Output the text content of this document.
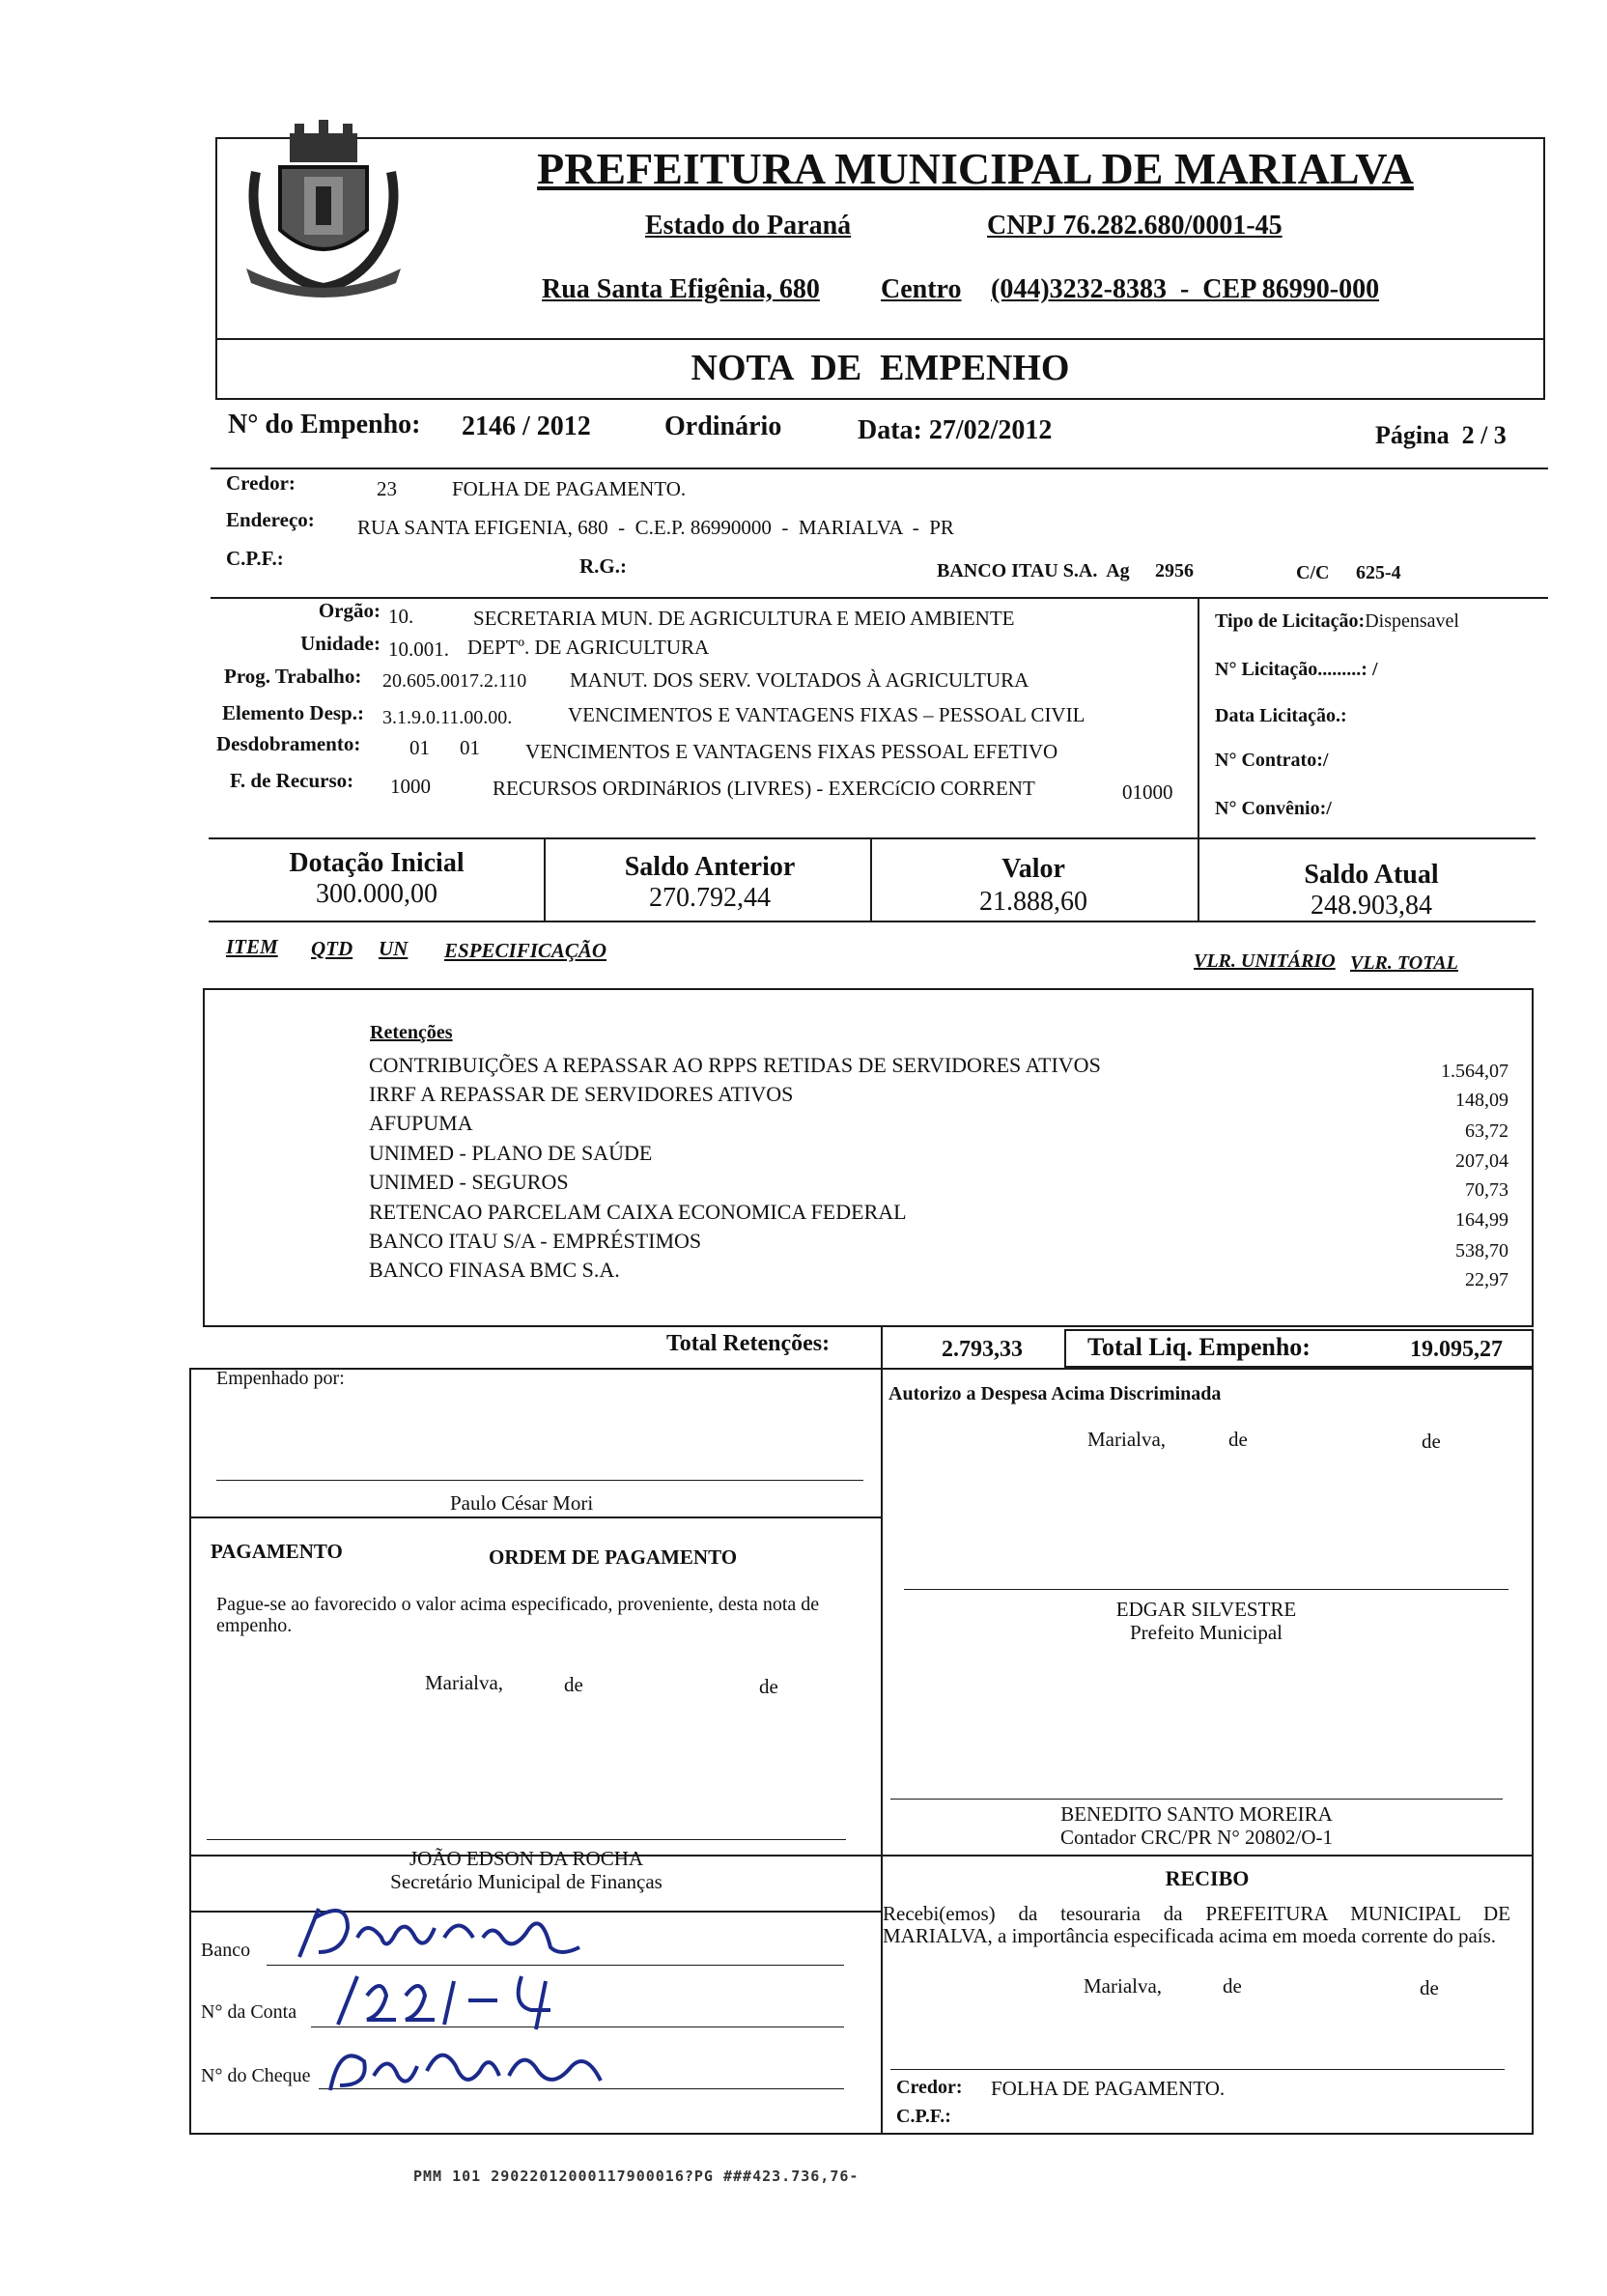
PREFEITURA MUNICIPAL DE MARIALVA
Estado do Paraná	CNPJ 76.282.680/0001-45
Rua Santa Efigênia, 680 Centro (044)3232-8383  -  CEP 86990-000
NOTA  DE  EMPENHO
N° do Empenho: 2146 / 2012	Ordinário	Data: 27/02/2012	Página  2 / 3
Credor:	23	FOLHA DE PAGAMENTO.
Endereço: RUA SANTA EFIGENIA, 680  -  C.E.P. 86990000  -  MARIALVA  -  PR
C.P.F.:	R.G.:	BANCO ITAU S.A.  Ag 2956	C/C 625-4
Orgão: 10.	SECRETARIA MUN. DE AGRICULTURA E MEIO AMBIENTE
Unidade: 10.001. DEPTº. DE AGRICULTURA
Prog. Trabalho: 20.605.0017.2.110 MANUT. DOS SERV. VOLTADOS À AGRICULTURA
Elemento Desp.: 3.1.9.0.11.00.00.	VENCIMENTOS E VANTAGENS FIXAS – PESSOAL CIVIL
Desdobramento: 01 01 VENCIMENTOS E VANTAGENS FIXAS PESSOAL EFETIVO
F. de Recurso: 1000	RECURSOS ORDINáRIOS (LIVRES) - EXERCíCIO CORRENT	01000
Tipo de Licitação:Dispensavel
N° Licitação.........: /
Data Licitação.:
N° Contrato:/
N° Convênio:/
Dotação Inicial
300.000,00
Saldo Anterior
270.792,44
Valor
21.888,60
Saldo Atual
248.903,84
ITEM QTD UN ESPECIFICAÇÃO	VLR. UNITÁRIO VLR. TOTAL
Retenções
CONTRIBUIÇÕES A REPASSAR AO RPPS RETIDAS DE SERVIDORES ATIVOS	1.564,07
IRRF A REPASSAR DE SERVIDORES ATIVOS	148,09
AFUPUMA	63,72
UNIMED - PLANO DE SAÚDE	207,04
UNIMED - SEGUROS	70,73
RETENCAO PARCELAM CAIXA ECONOMICA FEDERAL	164,99
BANCO ITAU S/A - EMPRÉSTIMOS	538,70
BANCO FINASA BMC S.A.	22,97
Total Retenções:	2.793,33	Total Liq. Empenho:	19.095,27
Empenhado por:
Paulo César Mori
Autorizo a Despesa Acima Discriminada
Marialva,	de	de
EDGAR SILVESTRE
Prefeito Municipal
PAGAMENTO	ORDEM DE PAGAMENTO
Pague-se ao favorecido o valor acima especificado, proveniente, desta nota de empenho.
Marialva,	de	de
BENEDITO SANTO MOREIRA
Contador CRC/PR N° 20802/O-1
JOÃO EDSON DA ROCHA
Secretário Municipal de Finanças	RECIBO
Recebi(emos) da tesouraria da PREFEITURA MUNICIPAL DE MARIALVA, a importância especificada acima em moeda corrente do país.
Marialva,	de	de
Credor: FOLHA DE PAGAMENTO.
C.P.F.:
Banco
N° da Conta
N° do Cheque
PMM 101 29022012000117900016?PG ###423.736,76-
